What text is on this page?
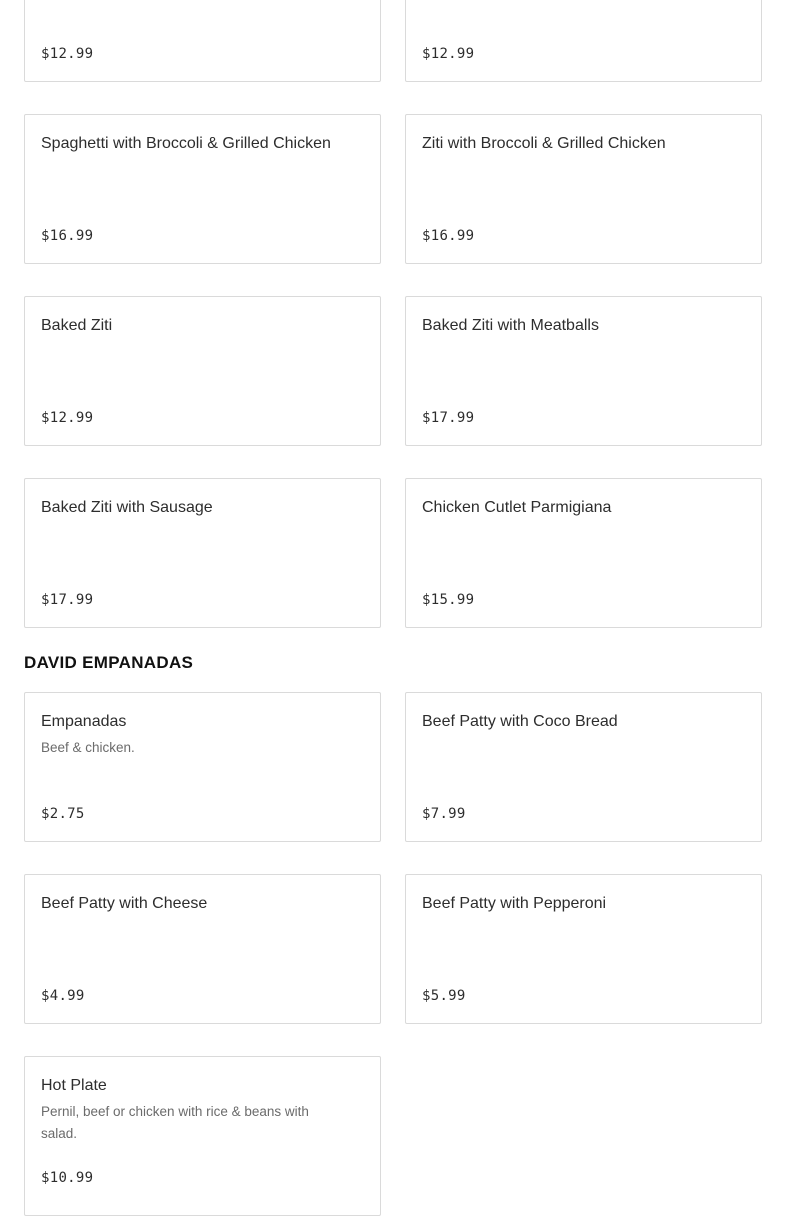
$12.99	$12.99
Spaghetti with Broccoli & Grilled Chicken
$16.99
Ziti with Broccoli & Grilled Chicken
$16.99
Baked Ziti
$12.99
Baked Ziti with Meatballs
$17.99
Baked Ziti with Sausage
$17.99
Chicken Cutlet Parmigiana
$15.99
DAVID EMPANADAS
Empanadas
Beef & chicken.
$2.75
Beef Patty with Coco Bread
$7.99
Beef Patty with Cheese
$4.99
Beef Patty with Pepperoni
$5.99
Hot Plate
Pernil, beef or chicken with rice & beans with salad.
$10.99
